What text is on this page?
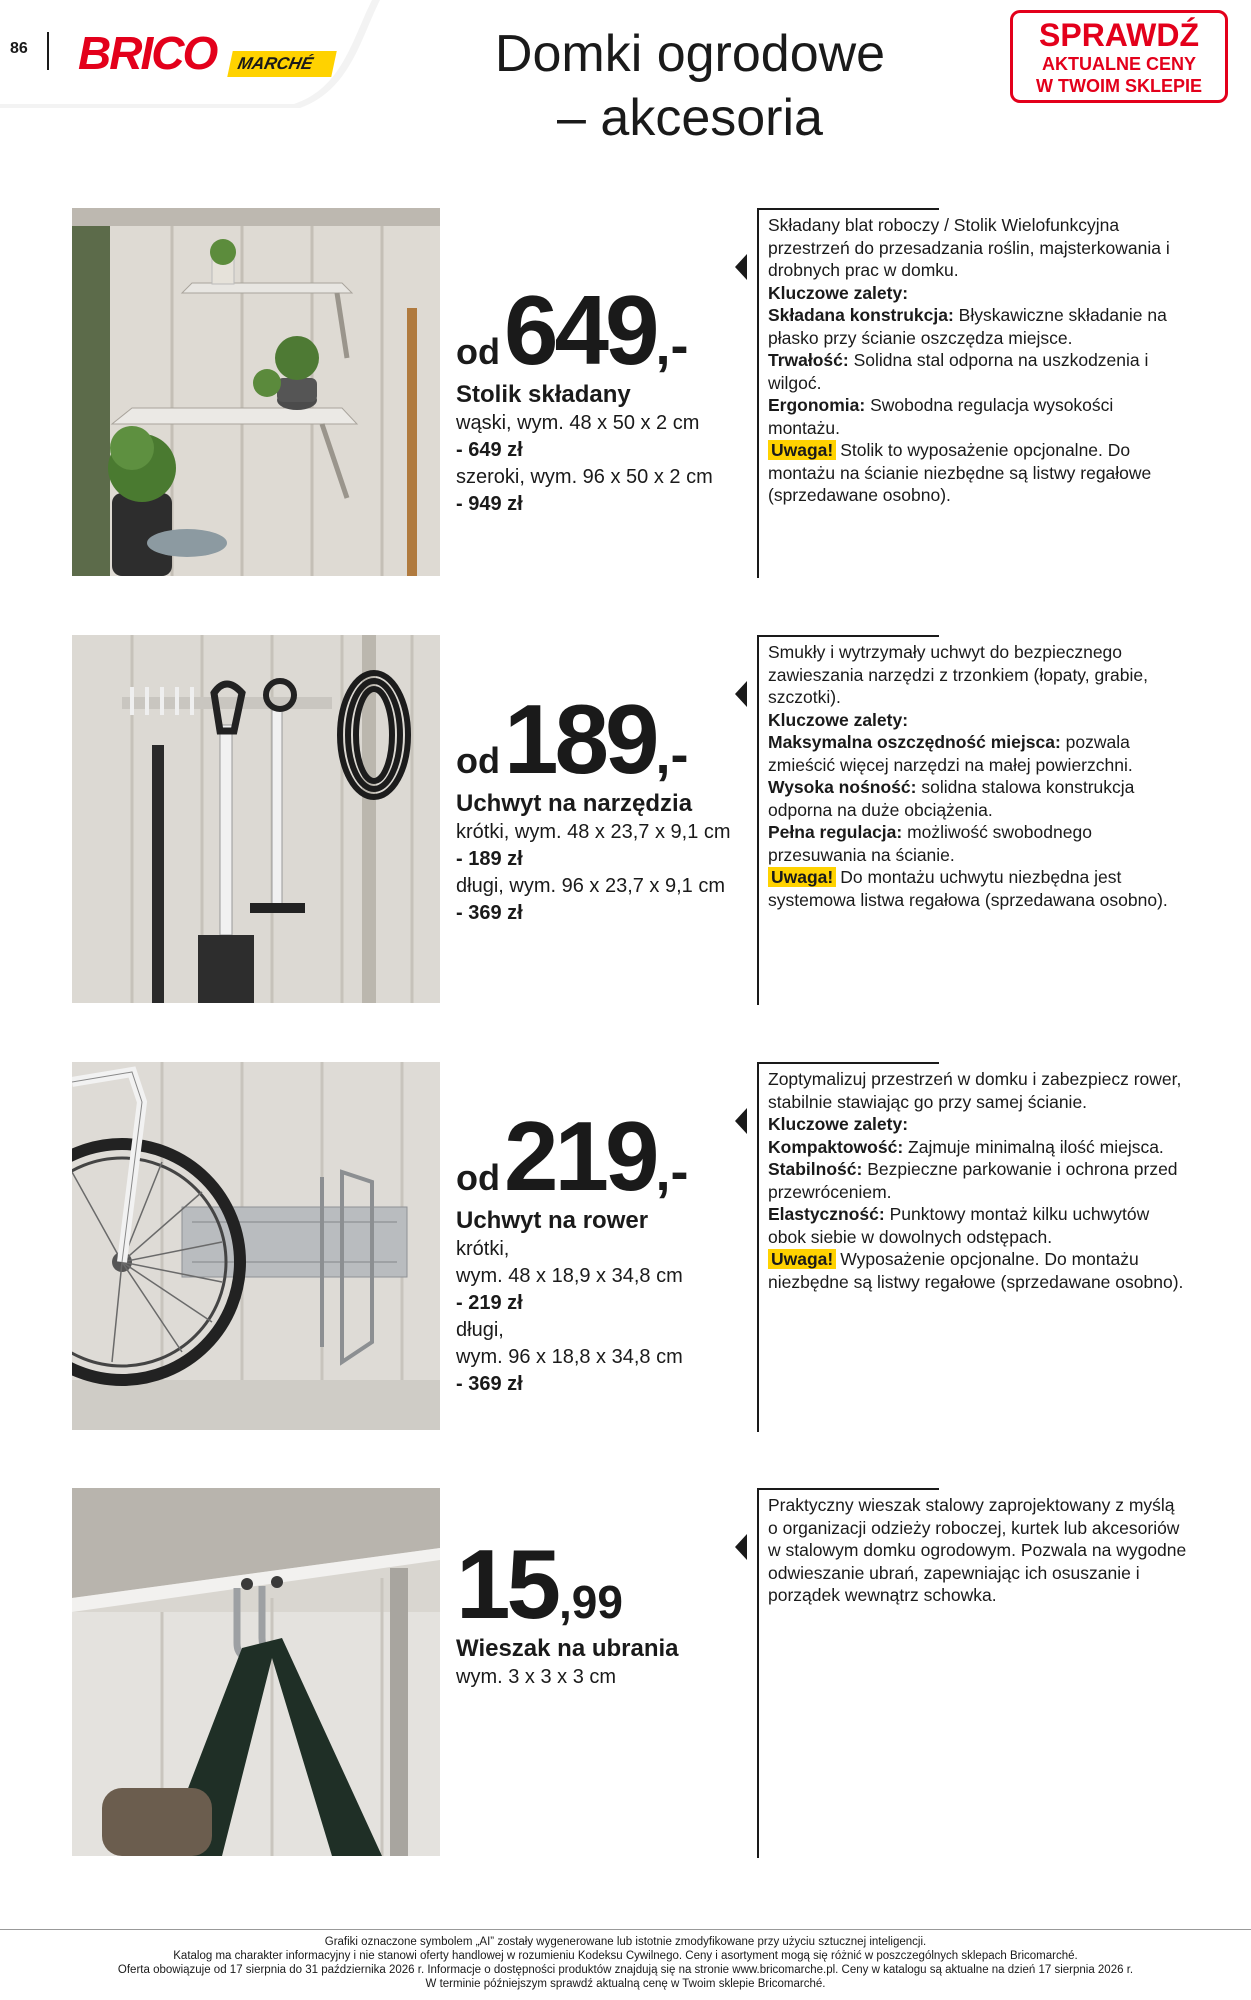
86 BRICO	MARCHÉ	Domki ogrodowe
– akcesoria
SPRAWDŹ
AKTUALNE CENY
W TWOIM SKLEPIE
od649,-
Stolik składany
wąski, wym. 48 x 50 x 2 cm
- 649 zł
szeroki, wym. 96 x 50 x 2 cm
- 949 zł

Składany blat roboczy / Stolik Wielofunkcyjna przestrzeń do przesadzania roślin, majsterkowania i drobnych prac w domku.

Kluczowe zalety:

Składana konstrukcja: Błyskawiczne składanie na płasko przy ścianie oszczędza miejsce.

Trwałość: Solidna stal odporna na uszkodzenia i wilgoć.

Ergonomia: Swobodna regulacja wysokości montażu.

Uwaga! Stolik to wyposażenie opcjonalne. Do montażu na ścianie niezbędne są listwy regałowe (sprzedawane osobno).

od189,-
Uchwyt na narzędzia
krótki, wym. 48 x 23,7 x 9,1 cm
- 189 zł
długi, wym. 96 x 23,7 x 9,1 cm
- 369 zł

Smukły i wytrzymały uchwyt do bezpiecznego zawieszania narzędzi z trzonkiem (łopaty, grabie, szczotki).

Kluczowe zalety:

Maksymalna oszczędność miejsca: pozwala zmieścić więcej narzędzi na małej powierzchni.

Wysoka nośność: solidna stalowa konstrukcja odporna na duże obciążenia.

Pełna regulacja: możliwość swobodnego przesuwania na ścianie.

Uwaga! Do montażu uchwytu niezbędna jest systemowa listwa regałowa (sprzedawana osobno).

od219,-
Uchwyt na rower
krótki,
wym. 48 x 18,9 x 34,8 cm
- 219 zł
długi,
wym. 96 x 18,8 x 34,8 cm
- 369 zł

Zoptymalizuj przestrzeń w domku i zabezpiecz rower, stabilnie stawiając go przy samej ścianie.

Kluczowe zalety:

Kompaktowość: Zajmuje minimalną ilość miejsca.

Stabilność: Bezpieczne parkowanie i ochrona przed przewróceniem.

Elastyczność: Punktowy montaż kilku uchwytów obok siebie w dowolnych odstępach.

Uwaga! Wyposażenie opcjonalne. Do montażu niezbędne są listwy regałowe (sprzedawane osobno).

15,99
Wieszak na ubrania
wym. 3 x 3 x 3 cm

Praktyczny wieszak stalowy zaprojektowany z myślą o organizacji odzieży roboczej, kurtek lub akcesoriów w stalowym domku ogrodowym. Pozwala na wygodne odwieszanie ubrań, zapewniając ich osuszanie i porządek wewnątrz schowka.

Grafiki oznaczone symbolem „AI” zostały wygenerowane lub istotnie zmodyfikowane przy użyciu sztucznej inteligencji.
Katalog ma charakter informacyjny i nie stanowi oferty handlowej w rozumieniu Kodeksu Cywilnego. Ceny i asortyment mogą się różnić w poszczególnych sklepach Bricomarché.
Oferta obowiązuje od 17 sierpnia do 31 października 2026 r. Informacje o dostępności produktów znajdują się na stronie www.bricomarche.pl. Ceny w katalogu są aktualne na dzień 17 sierpnia 2026 r.
W terminie późniejszym sprawdź aktualną cenę w Twoim sklepie Bricomarché.
